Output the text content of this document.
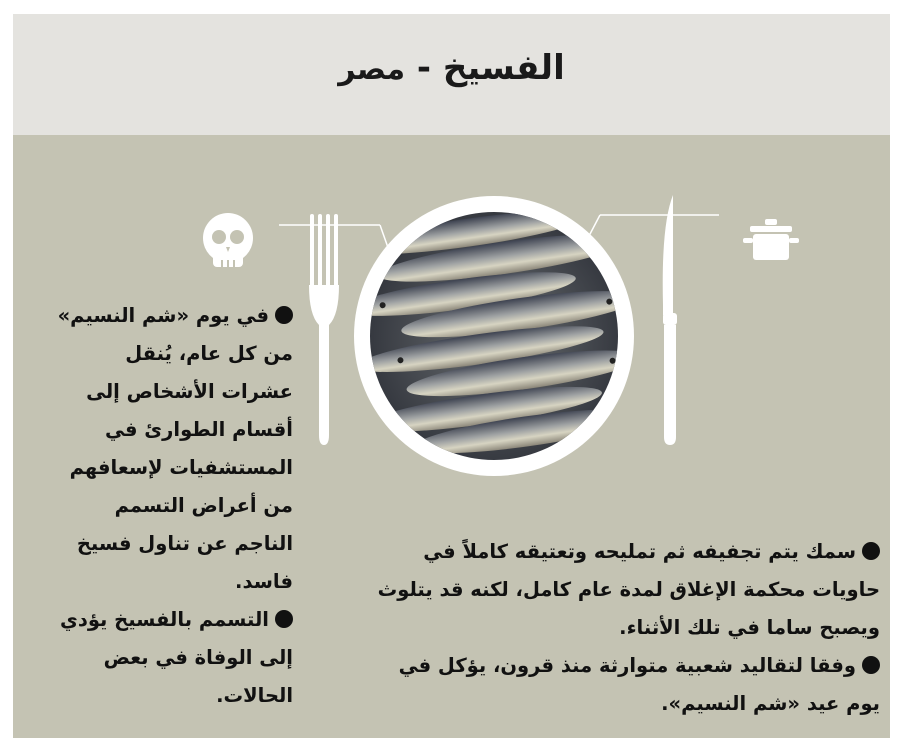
الفسيخ - مصر

في يوم «شم النسيم» من كل عام، يُنقل عشرات الأشخاص إلى أقسام الطوارئ في المستشفيات لإسعافهم من أعراض التسمم الناجم عن تناول فسيخ فاسد.

التسمم بالفسيخ يؤدي إلى الوفاة في بعض الحالات.

سمك يتم تجفيفه ثم تمليحه وتعتيقه كاملاً في حاويات محكمة الإغلاق لمدة عام كامل، لكنه قد يتلوث ويصبح ساما في تلك الأثناء.

وفقا لتقاليد شعبية متوارثة منذ قرون، يؤكل في يوم عيد «شم النسيم».
